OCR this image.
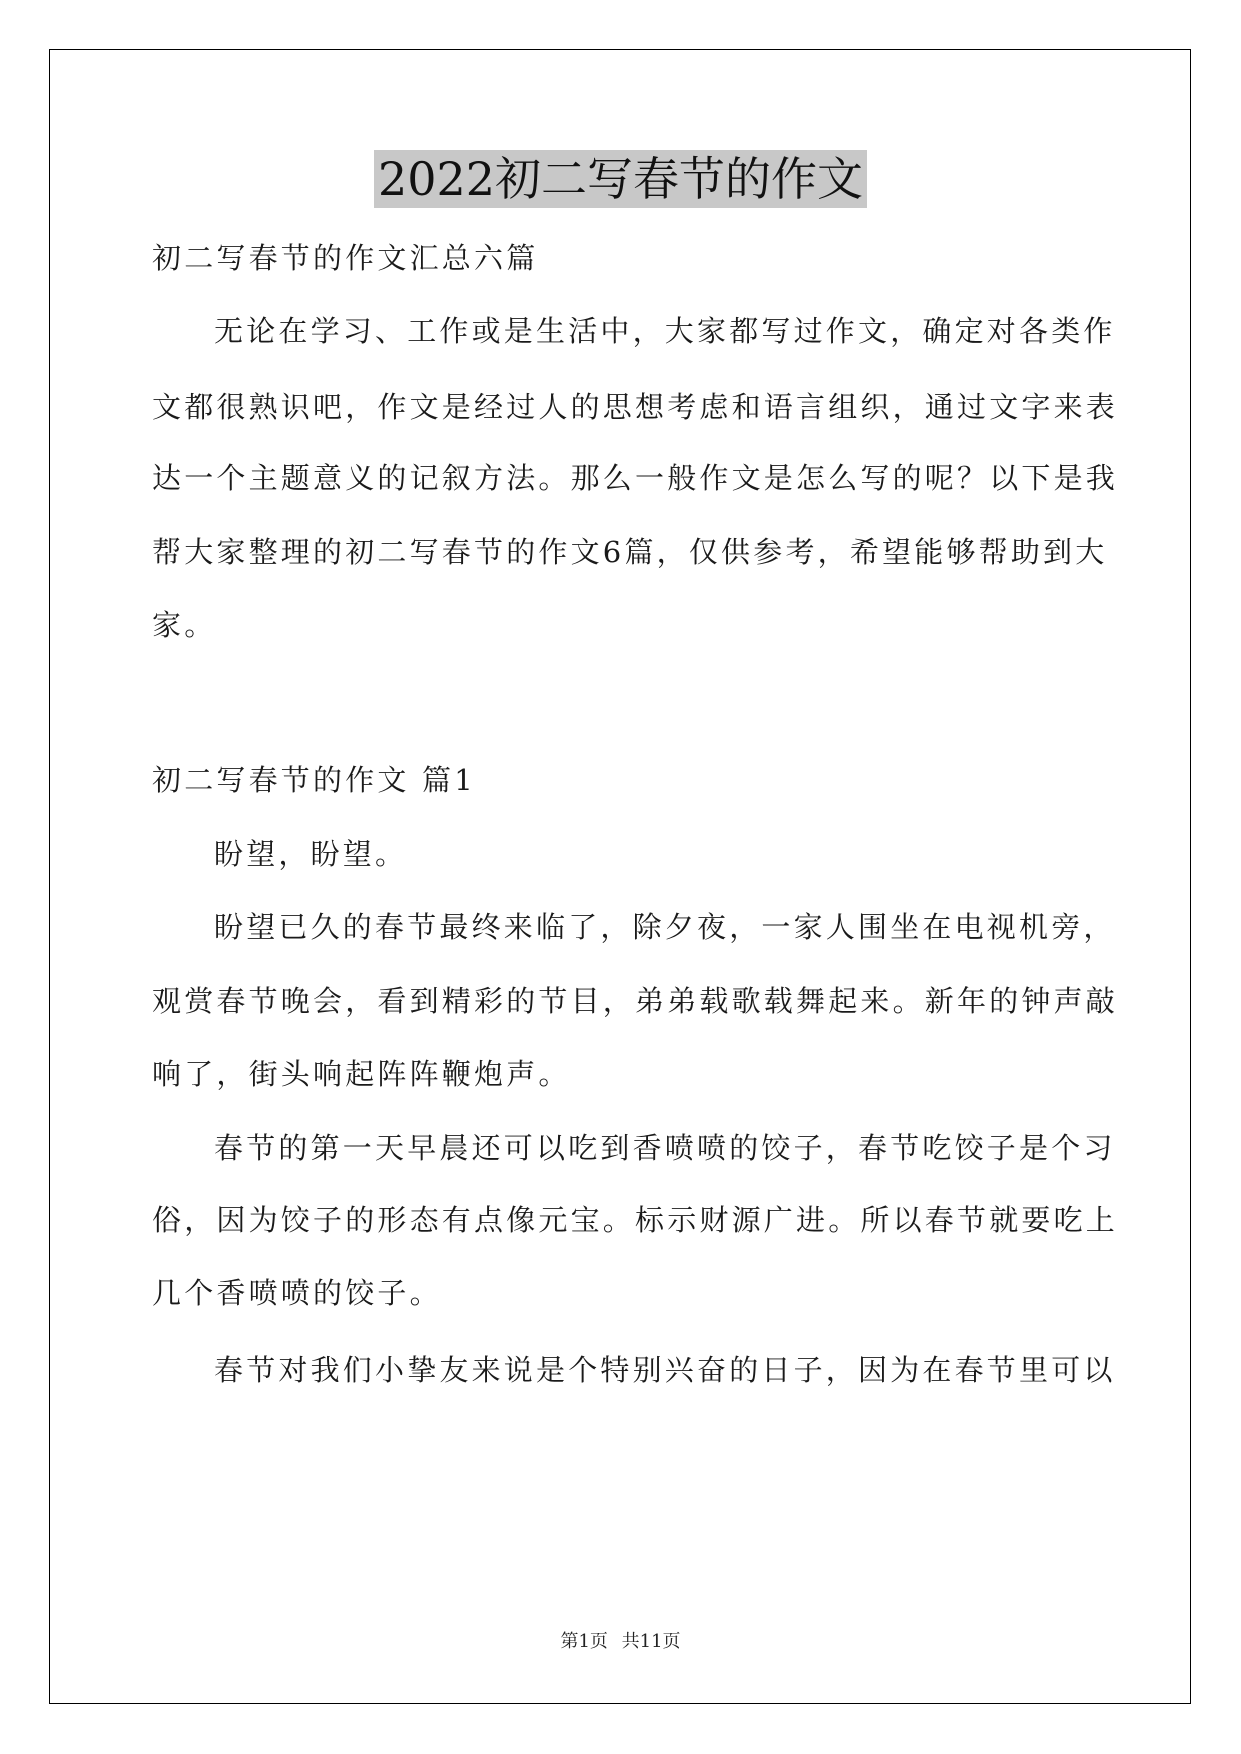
2022初二写春节的作文
初二写春节的作文汇总六篇
无论在学习、工作或是生活中，大家都写过作文，确定对各类作
文都很熟识吧，作文是经过人的思想考虑和语言组织，通过文字来表
达一个主题意义的记叙方法。那么一般作文是怎么写的呢？以下是我
帮大家整理的初二写春节的作文6篇，仅供参考，希望能够帮助到大
家。
初二写春节的作文 篇1
盼望，盼望。
盼望已久的春节最终来临了，除夕夜，一家人围坐在电视机旁，
观赏春节晚会，看到精彩的节目，弟弟载歌载舞起来。新年的钟声敲
响了，街头响起阵阵鞭炮声。
春节的第一天早晨还可以吃到香喷喷的饺子，春节吃饺子是个习
俗，因为饺子的形态有点像元宝。标示财源广进。所以春节就要吃上
几个香喷喷的饺子。
春节对我们小挚友来说是个特别兴奋的日子，因为在春节里可以
第1页 共11页
